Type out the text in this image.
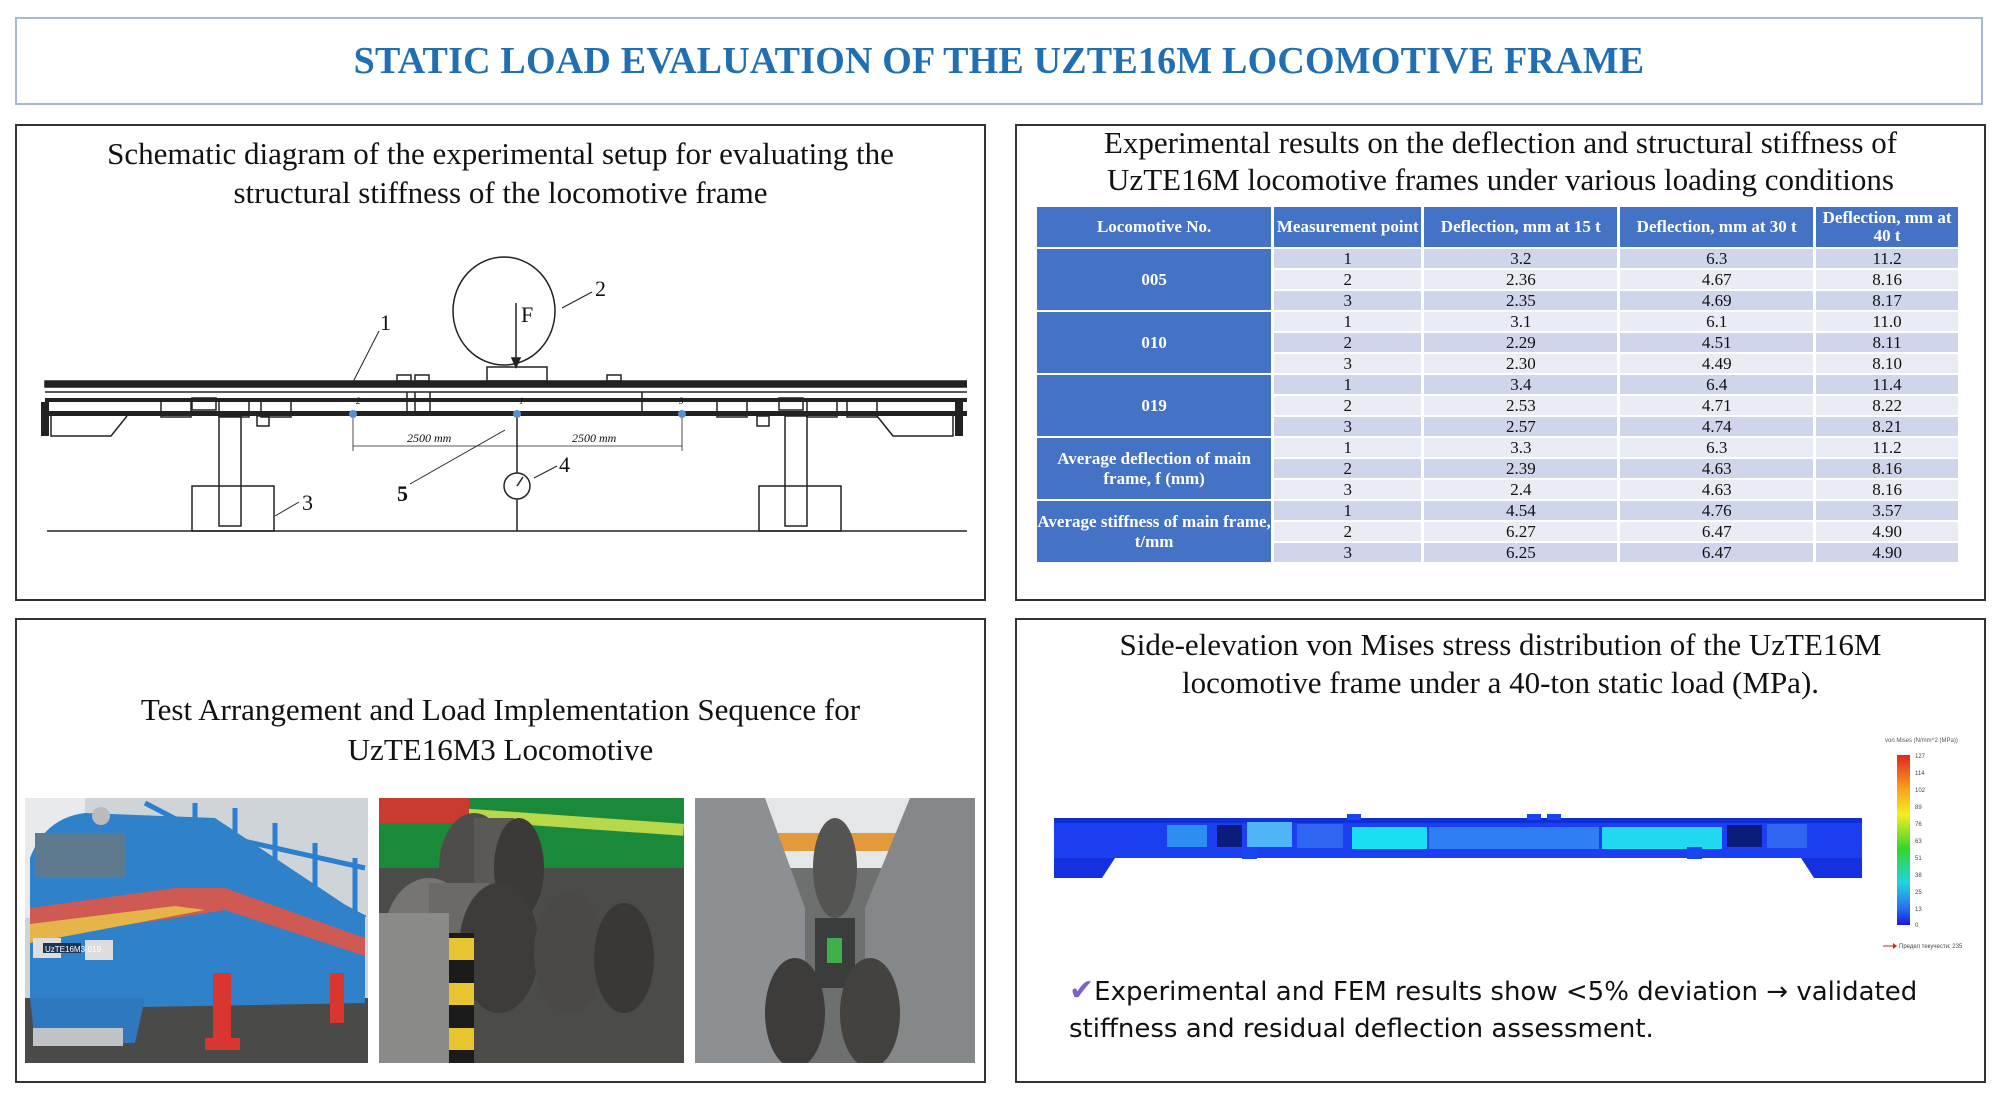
STATIC LOAD EVALUATION OF THE UZTE16M LOCOMOTIVE FRAME
Schematic diagram of the experimental setup for evaluating the
structural stiffness of the locomotive frame
F
1
2
3
4
5
2	1	3
2500 mm	2500 mm
Experimental results on the deflection and structural stiffness of
UzTE16M locomotive frames under various loading conditions
Locomotive No.	Measurement point	Deflection, mm at 15 t	Deflection, mm at 30 t	Deflection, mm at 40 t
005	1	3.2	6.3	11.2
	2	2.36	4.67	8.16
	3	2.35	4.69	8.17
010	1	3.1	6.1	11.0
	2	2.29	4.51	8.11
	3	2.30	4.49	8.10
019	1	3.4	6.4	11.4
	2	2.53	4.71	8.22
	3	2.57	4.74	8.21
Average deflection of main frame, f (mm)	1	3.3	6.3	11.2
	2	2.39	4.63	8.16
	3	2.4	4.63	8.16
Average stiffness of main frame, t/mm	1	4.54	4.76	3.57
	2	6.27	6.47	4.90
	3	6.25	6.47	4.90
Test Arrangement and Load Implementation Sequence for
UzTE16M3 Locomotive
UzTE16M3-019
Side-elevation von Mises stress distribution of the UzTE16M
locomotive frame under a 40-ton static load (MPa).
von Mises (N/mm^2 (MPa))
127
114
102
89
76
63
51
38
25
13
0
Предел текучести: 235
✔Experimental and FEM results show <5% deviation → validated stiffness and residual deflection assessment.
